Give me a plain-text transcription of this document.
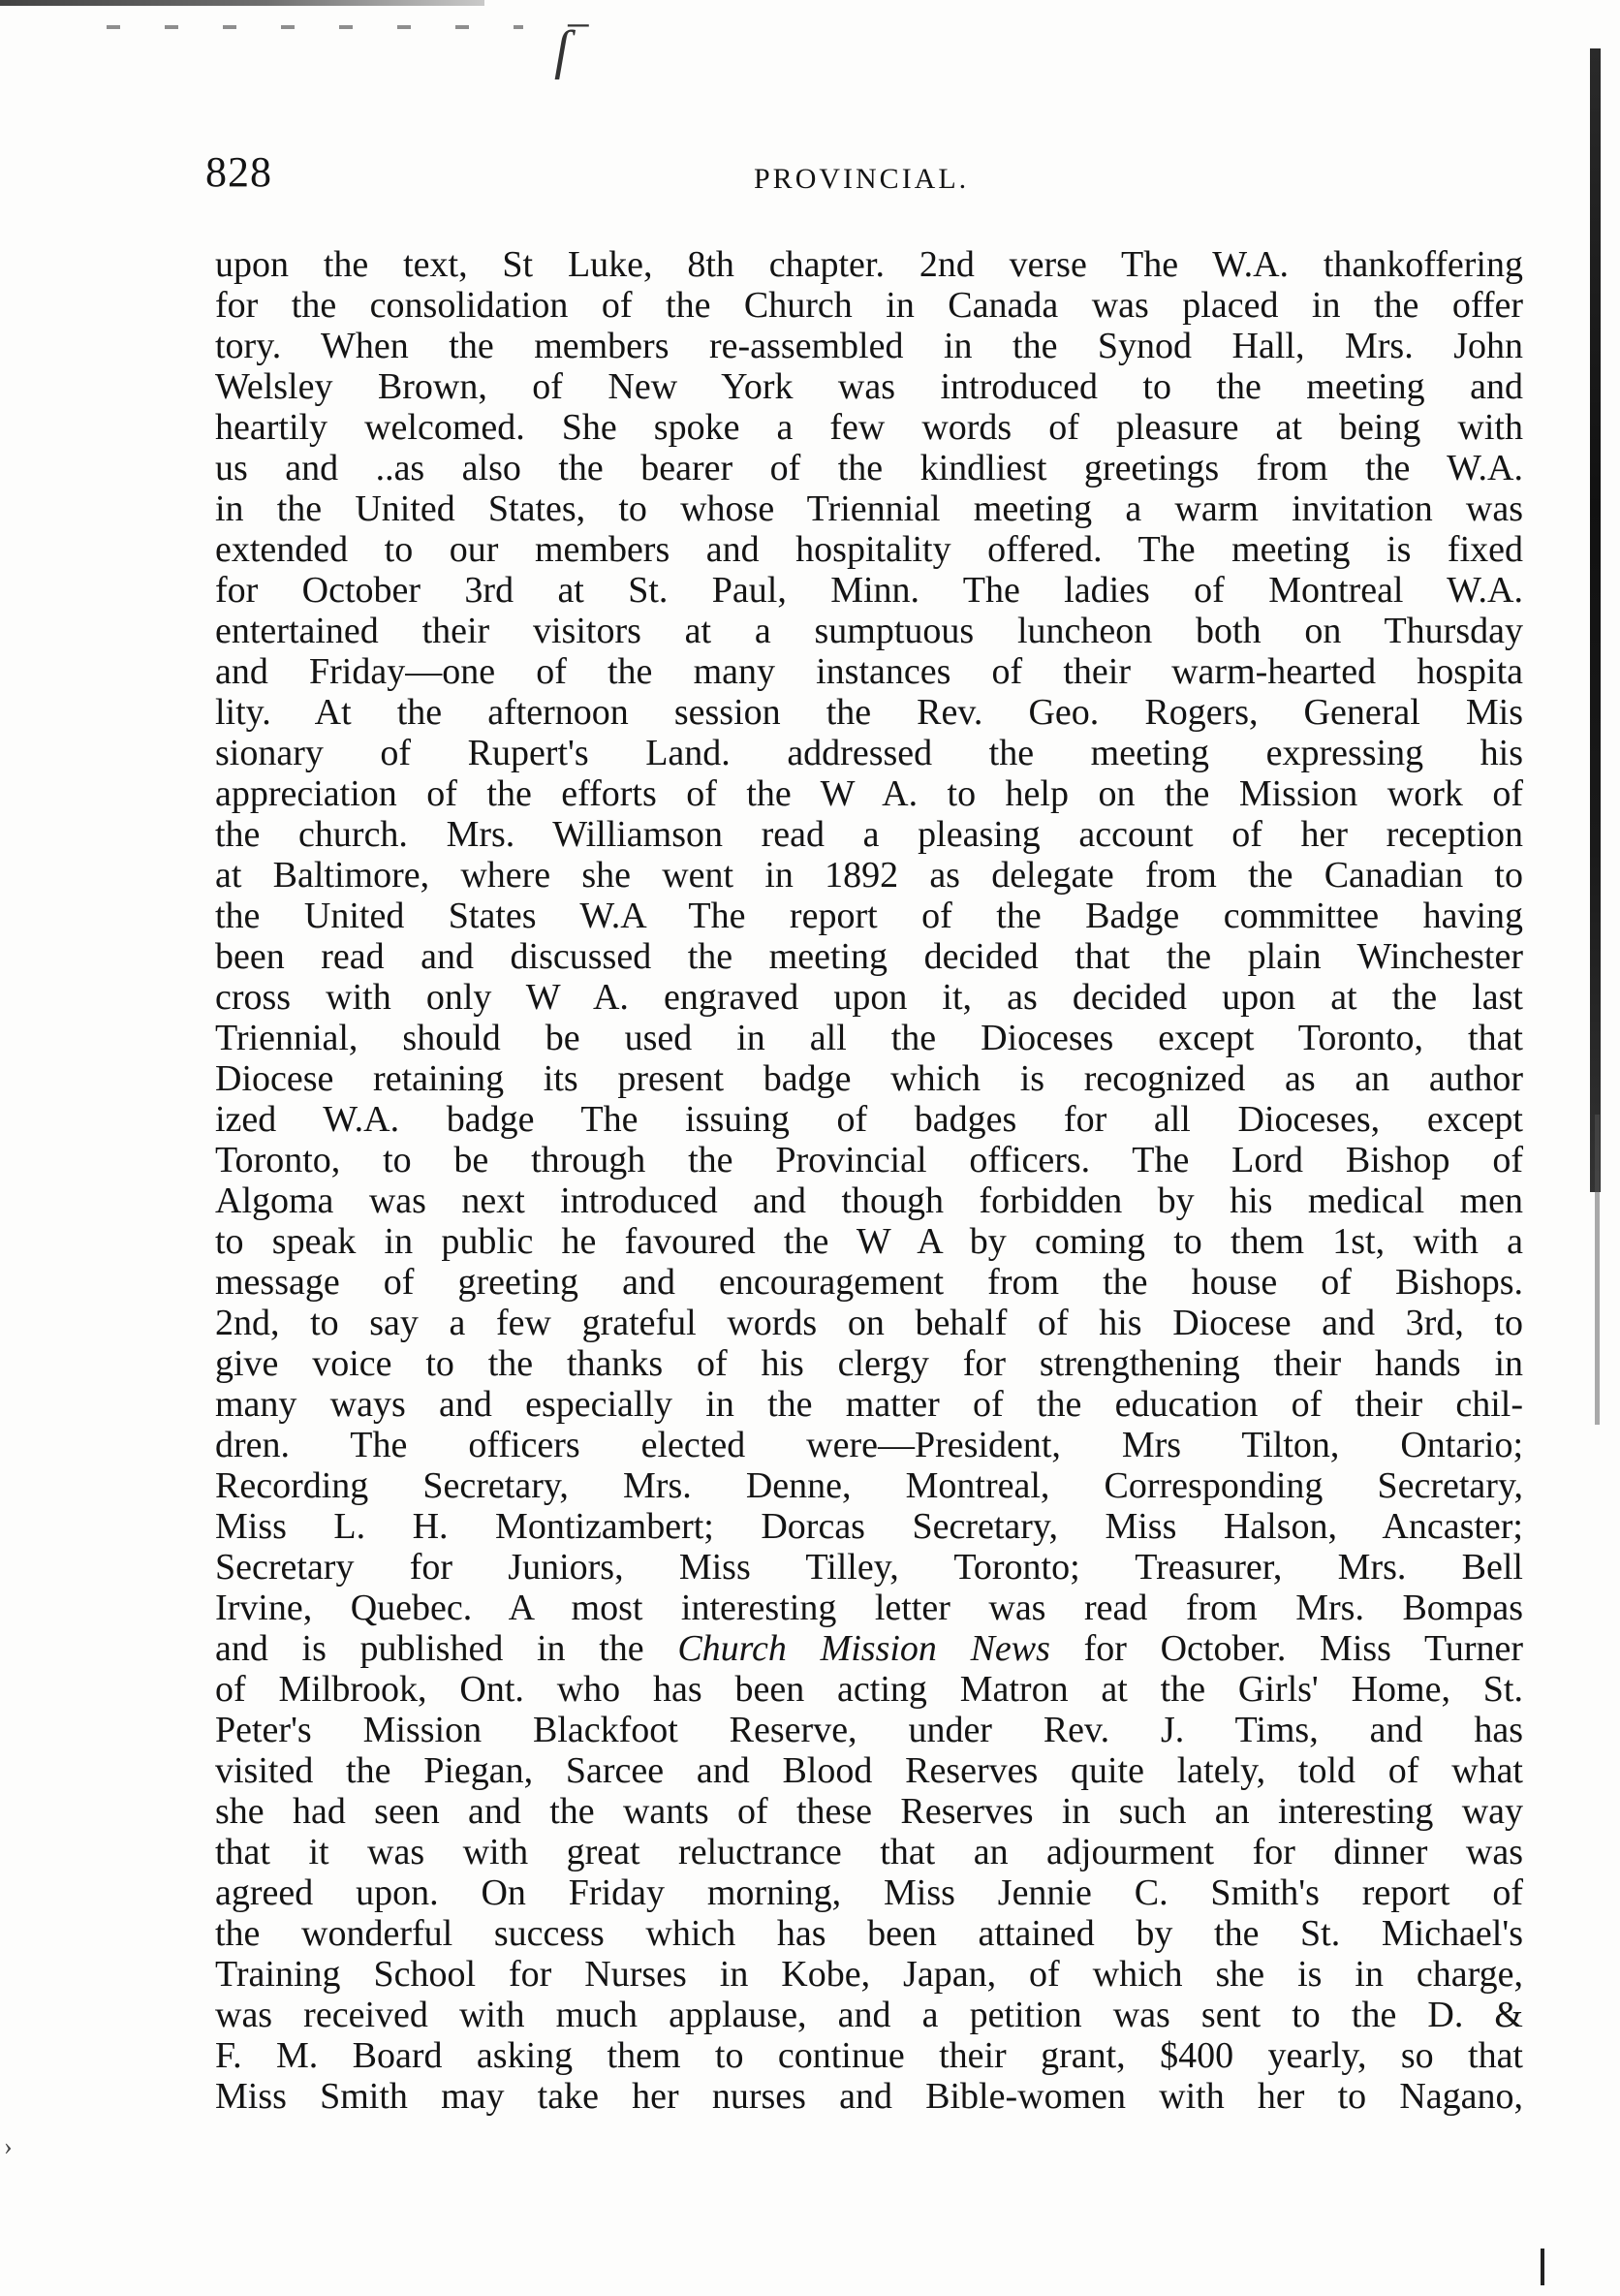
ſ‾
›
828	PROVINCIAL.
upon the text, St Luke, 8th chapter. 2nd verse The W.A. thankoffering
for the consolidation of the Church in Canada was placed in the offer
tory. When the members re-assembled in the Synod Hall, Mrs. John
Welsley Brown, of New York was introduced to the meeting and
heartily welcomed. She spoke a few words of pleasure at being with
us and ..as also the bearer of the kindliest greetings from the W.A.
in the United States, to whose Triennial meeting a warm invitation was
extended to our members and hospitality offered. The meeting is fixed
for October 3rd at St. Paul, Minn. The ladies of Montreal W.A.
entertained their visitors at a sumptuous luncheon both on Thursday
and Friday—one of the many instances of their warm-hearted hospita
lity. At the afternoon session the Rev. Geo. Rogers, General Mis
sionary of Rupert's Land. addressed the meeting expressing his
appreciation of the efforts of the W A. to help on the Mission work of
the church. Mrs. Williamson read a pleasing account of her reception
at Baltimore, where she went in 1892 as delegate from the Canadian to
the United States W.A The report of the Badge committee having
been read and discussed the meeting decided that the plain Winchester
cross with only W A. engraved upon it, as decided upon at the last
Triennial, should be used in all the Dioceses except Toronto, that
Diocese retaining its present badge which is recognized as an author
ized W.A. badge The issuing of badges for all Dioceses, except
Toronto, to be through the Provincial officers. The Lord Bishop of
Algoma was next introduced and though forbidden by his medical men
to speak in public he favoured the W A by coming to them 1st, with a
message of greeting and encouragement from the house of Bishops.
2nd, to say a few grateful words on behalf of his Diocese and 3rd, to
give voice to the thanks of his clergy for strengthening their hands in
many ways and especially in the matter of the education of their chil-
dren. The officers elected were—President, Mrs Tilton, Ontario;
Recording Secretary, Mrs. Denne, Montreal, Corresponding Secretary,
Miss L. H. Montizambert; Dorcas Secretary, Miss Halson, Ancaster;
Secretary for Juniors, Miss Tilley, Toronto; Treasurer, Mrs. Bell
Irvine, Quebec. A most interesting letter was read from Mrs. Bompas
and is published in the Church Mission News for October. Miss Turner
of Milbrook, Ont. who has been acting Matron at the Girls' Home, St.
Peter's Mission Blackfoot Reserve, under Rev. J. Tims, and has
visited the Piegan, Sarcee and Blood Reserves quite lately, told of what
she had seen and the wants of these Reserves in such an interesting way
that it was with great reluctrance that an adjourment for dinner was
agreed upon. On Friday morning, Miss Jennie C. Smith's report of
the wonderful success which has been attained by the St. Michael's
Training School for Nurses in Kobe, Japan, of which she is in charge,
was received with much applause, and a petition was sent to the D. &
F. M. Board asking them to continue their grant, $400 yearly, so that
Miss Smith may take her nurses and Bible-women with her to Nagano,
